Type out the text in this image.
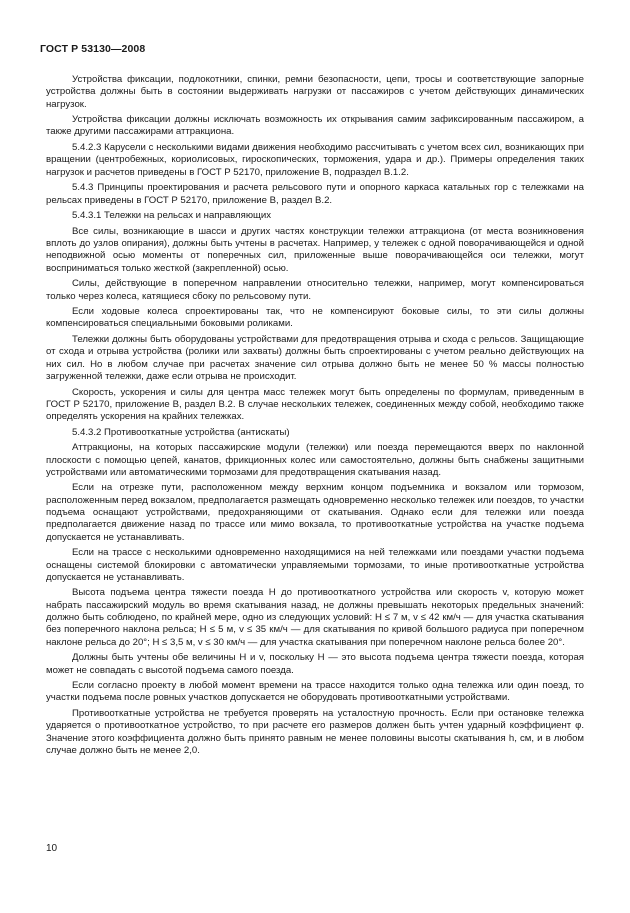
ГОСТ Р 53130—2008

Устройства фиксации, подлокотники, спинки, ремни безопасности, цепи, тросы и соответствующие запорные устройства должны быть в состоянии выдерживать нагрузки от пассажиров с учетом действующих динамических нагрузок.

Устройства фиксации должны исключать возможность их открывания самим зафиксированным пассажиром, а также другими пассажирами аттракциона.

5.4.2.3 Карусели с несколькими видами движения необходимо рассчитывать с учетом всех сил, возникающих при вращении (центробежных, кориолисовых, гироскопических, торможения, удара и др.). Примеры определения таких нагрузок и расчетов приведены в ГОСТ Р 52170, приложение В, подраздел В.1.2.

5.4.3 Принципы проектирования и расчета рельсового пути и опорного каркаса катальных гор с тележками на рельсах приведены в ГОСТ Р 52170, приложение В, раздел В.2.

5.4.3.1 Тележки на рельсах и направляющих

Все силы, возникающие в шасси и других частях конструкции тележки аттракциона (от места возникновения вплоть до узлов опирания), должны быть учтены в расчетах. Например, у тележек с одной поворачивающейся и одной неподвижной осью моменты от поперечных сил, приложенные выше поворачивающейся оси тележки, могут восприниматься только жесткой (закрепленной) осью.

Силы, действующие в поперечном направлении относительно тележки, например, могут компенсироваться только через колеса, катящиеся сбоку по рельсовому пути.

Если ходовые колеса спроектированы так, что не компенсируют боковые силы, то эти силы должны компенсироваться специальными боковыми роликами.

Тележки должны быть оборудованы устройствами для предотвращения отрыва и схода с рельсов. Защищающие от схода и отрыва устройства (ролики или захваты) должны быть спроектированы с учетом реально действующих на них сил. Но в любом случае при расчетах значение сил отрыва должно быть не менее 50 % массы полностью загруженной тележки, даже если отрыва не происходит.

Скорость, ускорения и силы для центра масс тележек могут быть определены по формулам, приведенным в ГОСТ Р 52170, приложение В, раздел В.2. В случае нескольких тележек, соединенных между собой, необходимо также определять ускорения на крайних тележках.

5.4.3.2 Противооткатные устройства (антискаты)

Аттракционы, на которых пассажирские модули (тележки) или поезда перемещаются вверх по наклонной плоскости с помощью цепей, канатов, фрикционных колес или самостоятельно, должны быть снабжены защитными устройствами или автоматическими тормозами для предотвращения скатывания назад.

Если на отрезке пути, расположенном между верхним концом подъемника и вокзалом или тормозом, расположенным перед вокзалом, предполагается размещать одновременно несколько тележек или поездов, то участки подъема оснащают устройствами, предохраняющими от скатывания. Однако если для тележки или поезда предполагается движение назад по трассе или мимо вокзала, то противооткатные устройства на участке подъема допускается не устанавливать.

Если на трассе с несколькими одновременно находящимися на ней тележками или поездами участки подъема оснащены системой блокировки с автоматически управляемыми тормозами, то иные противооткатные устройства допускается не устанавливать.

Высота подъема центра тяжести поезда H до противооткатного устройства или скорость v, которую может набрать пассажирский модуль во время скатывания назад, не должны превышать некоторых предельных значений: должно быть соблюдено, по крайней мере, одно из следующих условий: H ≤ 7 м, v ≤ 42 км/ч — для участка скатывания без поперечного наклона рельса; H ≤ 5 м, v ≤ 35 км/ч — для скатывания по кривой большого радиуса при поперечном наклоне рельса до 20°; H ≤ 3,5 м, v ≤ 30 км/ч — для участка скатывания при поперечном наклоне рельса более 20°.

Должны быть учтены обе величины H и v, поскольку H — это высота подъема центра тяжести поезда, которая может не совпадать с высотой подъема самого поезда.

Если согласно проекту в любой момент времени на трассе находится только одна тележка или один поезд, то участки подъема после ровных участков допускается не оборудовать противооткатными устройствами.

Противооткатные устройства не требуется проверять на усталостную прочность. Если при остановке тележка ударяется о противооткатное устройство, то при расчете его размеров должен быть учтен ударный коэффициент φ. Значение этого коэффициента должно быть принято равным не менее половины высоты скатывания h, см, и в любом случае должно быть не менее 2,0.

10
